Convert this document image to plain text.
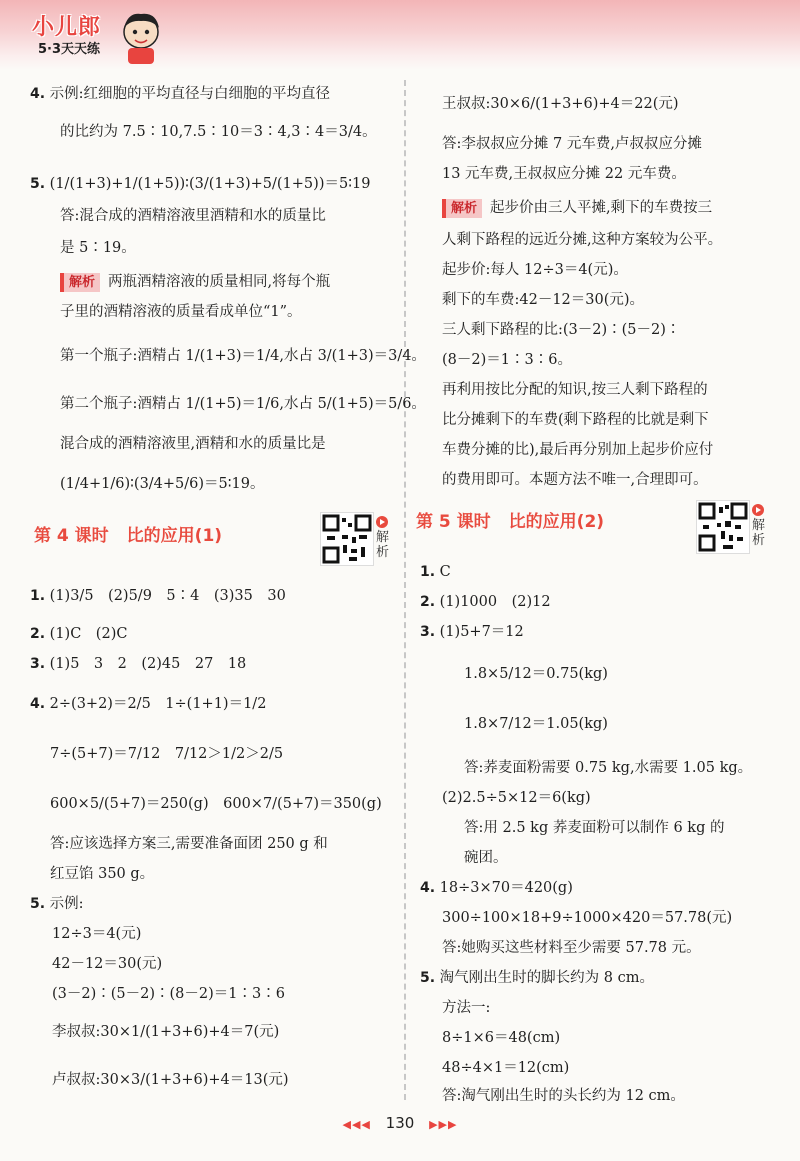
小儿郎
5·3天天练
4. 示例:红细胞的平均直径与白细胞的平均直径
的比约为 7.5∶10,7.5∶10＝3∶4,3∶4＝3/4。
5. (1/(1+3)+1/(1+5))∶(3/(1+3)+5/(1+5))＝5∶19
答:混合成的酒精溶液里酒精和水的质量比
是 5∶19。
解析 两瓶酒精溶液的质量相同,将每个瓶
子里的酒精溶液的质量看成单位“1”。
第一个瓶子:酒精占 1/(1+3)＝1/4,水占 3/(1+3)＝3/4。
第二个瓶子:酒精占 1/(1+5)＝1/6,水占 5/(1+5)＝5/6。
混合成的酒精溶液里,酒精和水的质量比是
(1/4+1/6)∶(3/4+5/6)＝5∶19。
第 4 课时 比的应用(1)	解析
1. (1)3/5　(2)5/9　5∶4　(3)35　30
2. (1)C　(2)C
3. (1)5　3　2　(2)45　27　18
4. 2÷(3+2)＝2/5　1÷(1+1)＝1/2
7÷(5+7)＝7/12　7/12＞1/2＞2/5
600×5/(5+7)＝250(g)　600×7/(5+7)＝350(g)
答:应该选择方案三,需要准备面团 250 g 和
红豆馅 350 g。
5. 示例:
12÷3＝4(元)
42－12＝30(元)
(3－2)∶(5－2)∶(8－2)＝1∶3∶6
李叔叔:30×1/(1+3+6)+4＝7(元)
卢叔叔:30×3/(1+3+6)+4＝13(元)
王叔叔:30×6/(1+3+6)+4＝22(元)
答:李叔叔应分摊 7 元车费,卢叔叔应分摊
13 元车费,王叔叔应分摊 22 元车费。
解析 起步价由三人平摊,剩下的车费按三
人剩下路程的远近分摊,这种方案较为公平。
起步价:每人 12÷3＝4(元)。
剩下的车费:42－12＝30(元)。
三人剩下路程的比:(3－2)∶(5－2)∶
(8－2)＝1∶3∶6。
再利用按比分配的知识,按三人剩下路程的
比分摊剩下的车费(剩下路程的比就是剩下
车费分摊的比),最后再分别加上起步价应付
的费用即可。本题方法不唯一,合理即可。
第 5 课时 比的应用(2)	解析
1. C
2. (1)1000　(2)12
3. (1)5+7＝12
1.8×5/12＝0.75(kg)
1.8×7/12＝1.05(kg)
答:荞麦面粉需要 0.75 kg,水需要 1.05 kg。
(2)2.5÷5×12＝6(kg)
答:用 2.5 kg 荞麦面粉可以制作 6 kg 的
碗团。
4. 18÷3×70＝420(g)
300÷100×18+9÷1000×420＝57.78(元)
答:她购买这些材料至少需要 57.78 元。
5. 淘气刚出生时的脚长约为 8 cm。
方法一:
8÷1×6＝48(cm)
48÷4×1＝12(cm)
答:淘气刚出生时的头长约为 12 cm。
◀◀◀ 130 ▶▶▶
